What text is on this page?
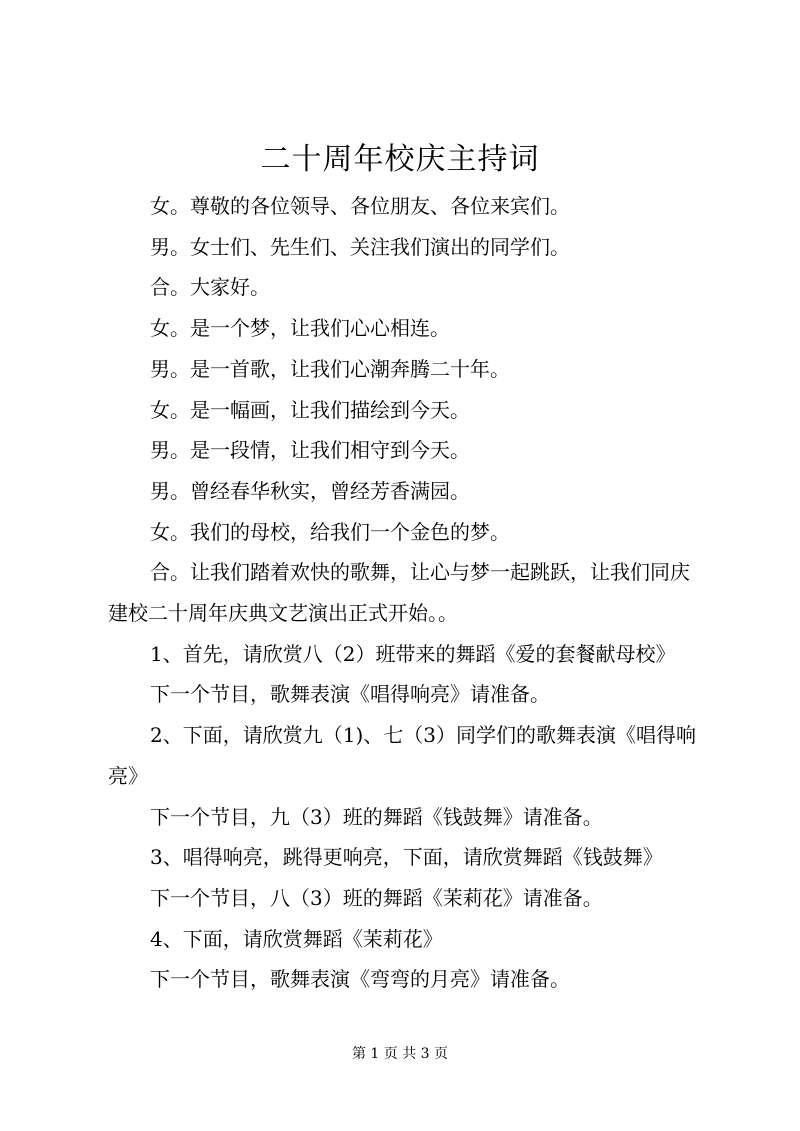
二十周年校庆主持词

女。尊敬的各位领导、各位朋友、各位来宾们。

男。女士们、先生们、关注我们演出的同学们。

合。大家好。

女。是一个梦，让我们心心相连。

男。是一首歌，让我们心潮奔腾二十年。

女。是一幅画，让我们描绘到今天。

男。是一段情，让我们相守到今天。

男。曾经春华秋实，曾经芳香满园。

女。我们的母校，给我们一个金色的梦。

合。让我们踏着欢快的歌舞，让心与梦一起跳跃，让我们同庆建校二十周年庆典文艺演出正式开始。。

1、首先，请欣赏八（2）班带来的舞蹈《爱的套餐献母校》

下一个节目，歌舞表演《唱得响亮》请准备。

2、下面，请欣赏九（1)、七（3）同学们的歌舞表演《唱得响亮》

下一个节目，九（3）班的舞蹈《钱鼓舞》请准备。

3、唱得响亮，跳得更响亮，下面，请欣赏舞蹈《钱鼓舞》

下一个节目，八（3）班的舞蹈《茉莉花》请准备。

4、下面，请欣赏舞蹈《茉莉花》

下一个节目，歌舞表演《弯弯的月亮》请准备。

第 1 页 共 3 页
